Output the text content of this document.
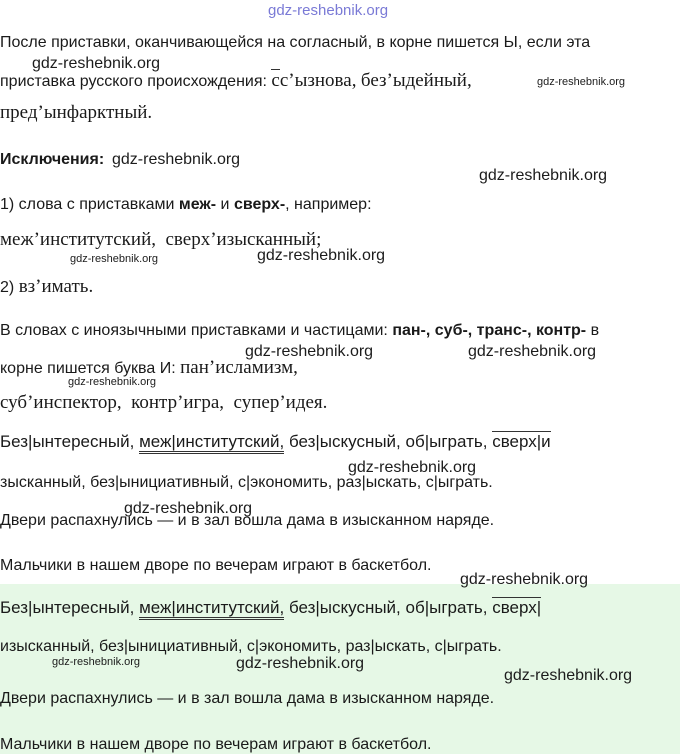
gdz-reshebnik.org
gdz-reshebnik.org
gdz-reshebnik.org
gdz-reshebnik.org
gdz-reshebnik.org
gdz-reshebnik.org	gdz-reshebnik.org
gdz-reshebnik.org	gdz-reshebnik.org
gdz-reshebnik.org
gdz-reshebnik.org
gdz-reshebnik.org
gdz-reshebnik.org
gdz-reshebnik.org	gdz-reshebnik.org
gdz-reshebnik.org
После приставки, оканчивающейся на согласный, в корне пишется Ы, если эта
приставка русского происхождения: сс’ызнова, без’ыдейный,
пред’ынфарктный.
Исключения:
1) слова с приставками меж- и сверх-, например:
меж’институтский, сверх’изысканный;
2) вз’имать.
В словах с иноязычными приставками и частицами: пан-, суб-, транс-, контр- в
корне пишется буква И: пан’исламизм,
суб’инспектор, контр’игра, супер’идея.
Без|ынтересный, меж|институтский, без|ыскусный, об|ыграть, сверх|и
зысканный, без|ынициативный, с|экономить, раз|ыскать, с|ыграть.
Двери распахнулись — и в зал вошла дама в изысканном наряде.
Мальчики в нашем дворе по вечерам играют в баскетбол.
Без|ынтересный, меж|институтский, без|ыскусный, об|ыграть, сверх|
изысканный, без|ынициативный, с|экономить, раз|ыскать, с|ыграть.
Двери распахнулись — и в зал вошла дама в изысканном наряде.
Мальчики в нашем дворе по вечерам играют в баскетбол.
